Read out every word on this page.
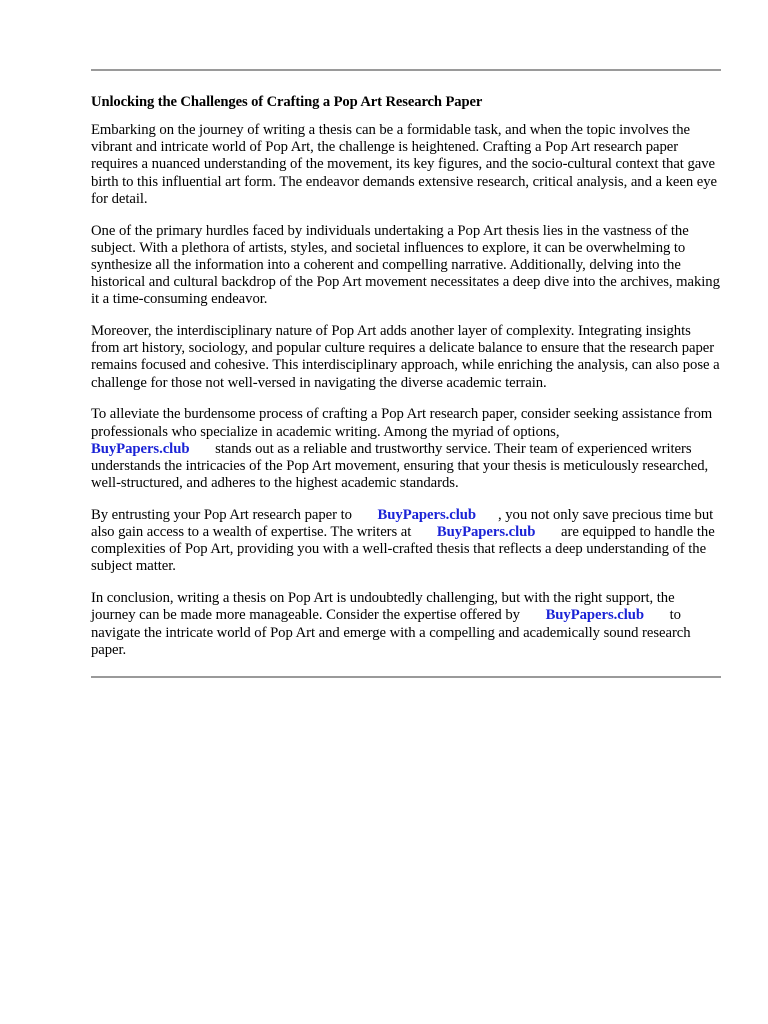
Unlocking the Challenges of Crafting a Pop Art Research Paper

Embarking on the journey of writing a thesis can be a formidable task, and when the topic involves the vibrant and intricate world of Pop Art, the challenge is heightened. Crafting a Pop Art research paper requires a nuanced understanding of the movement, its key figures, and the socio-cultural context that gave birth to this influential art form. The endeavor demands extensive research, critical analysis, and a keen eye for detail.

One of the primary hurdles faced by individuals undertaking a Pop Art thesis lies in the vastness of the subject. With a plethora of artists, styles, and societal influences to explore, it can be overwhelming to synthesize all the information into a coherent and compelling narrative. Additionally, delving into the historical and cultural backdrop of the Pop Art movement necessitates a deep dive into the archives, making it a time-consuming endeavor.

Moreover, the interdisciplinary nature of Pop Art adds another layer of complexity. Integrating insights from art history, sociology, and popular culture requires a delicate balance to ensure that the research paper remains focused and cohesive. This interdisciplinary approach, while enriching the analysis, can also pose a challenge for those not well-versed in navigating the diverse academic terrain.

To alleviate the burdensome process of crafting a Pop Art research paper, consider seeking assistance from professionals who specialize in academic writing. Among the myriad of options,
BuyPapers.club stands out as a reliable and trustworthy service. Their team of experienced writers understands the intricacies of the Pop Art movement, ensuring that your thesis is meticulously researched, well-structured, and adheres to the highest academic standards.

By entrusting your Pop Art research paper to BuyPapers.club , you not only save precious time but also gain access to a wealth of expertise. The writers at BuyPapers.club are equipped to handle the complexities of Pop Art, providing you with a well-crafted thesis that reflects a deep understanding of the subject matter.

In conclusion, writing a thesis on Pop Art is undoubtedly challenging, but with the right support, the journey can be made more manageable. Consider the expertise offered by BuyPapers.club to navigate the intricate world of Pop Art and emerge with a compelling and academically sound research paper.
